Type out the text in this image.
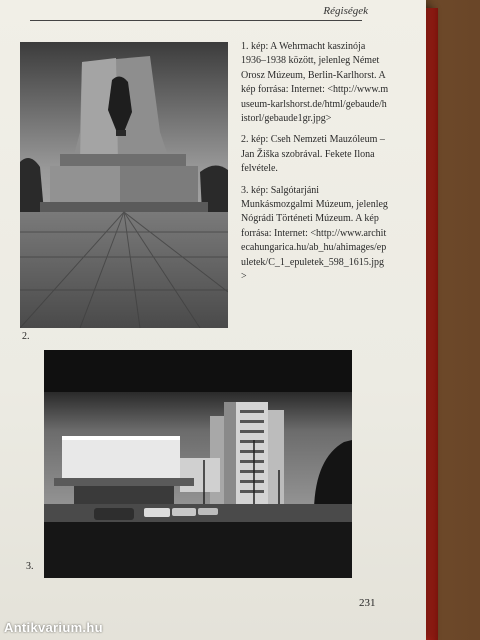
Régiségek
2.

1. kép: A Wehrmacht kaszinója 1936–1938 között, jelenleg Német Orosz Múzeum, Berlin-Karlhorst. A kép forrása: Internet: <http://www.museum-karlshorst.de/html/gebaude/historl/gebaude1gr.jpg>

2. kép: Cseh Nemzeti Mauzóleum – Jan Žiška szobrával. Fekete Ilona felvétele.

3. kép: Salgótarjáni Munkásmozgalmi Múzeum, jelenleg Nógrádi Történeti Múzeum. A kép forrása: Internet: <http://www.architecahungarica.hu/ab_hu/ahimages/epuletek/C_1_epuletek_598_1615.jpg>

3.
231
Antikvarium.hu
